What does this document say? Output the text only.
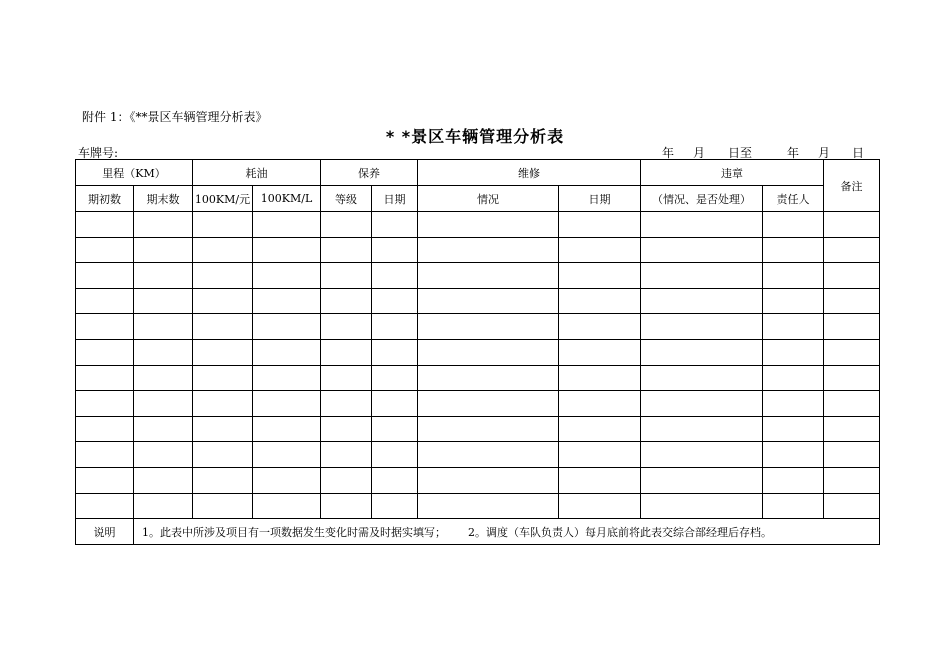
附件 1：《**景区车辆管理分析表》
* *景区车辆管理分析表
车牌号:	年 月 日至	年 月 日
里程（KM）		耗油		保养		维修		违章		备注
期初数	期末数	100KM/元	100KM/L	等级	日期	情况	日期	（情况、是否处理）	责任人	

说明	1。此表中所涉及项目有一项数据发生变化时需及时据实填写； 2。调度（车队负责人）每月底前将此表交综合部经理后存档。									
